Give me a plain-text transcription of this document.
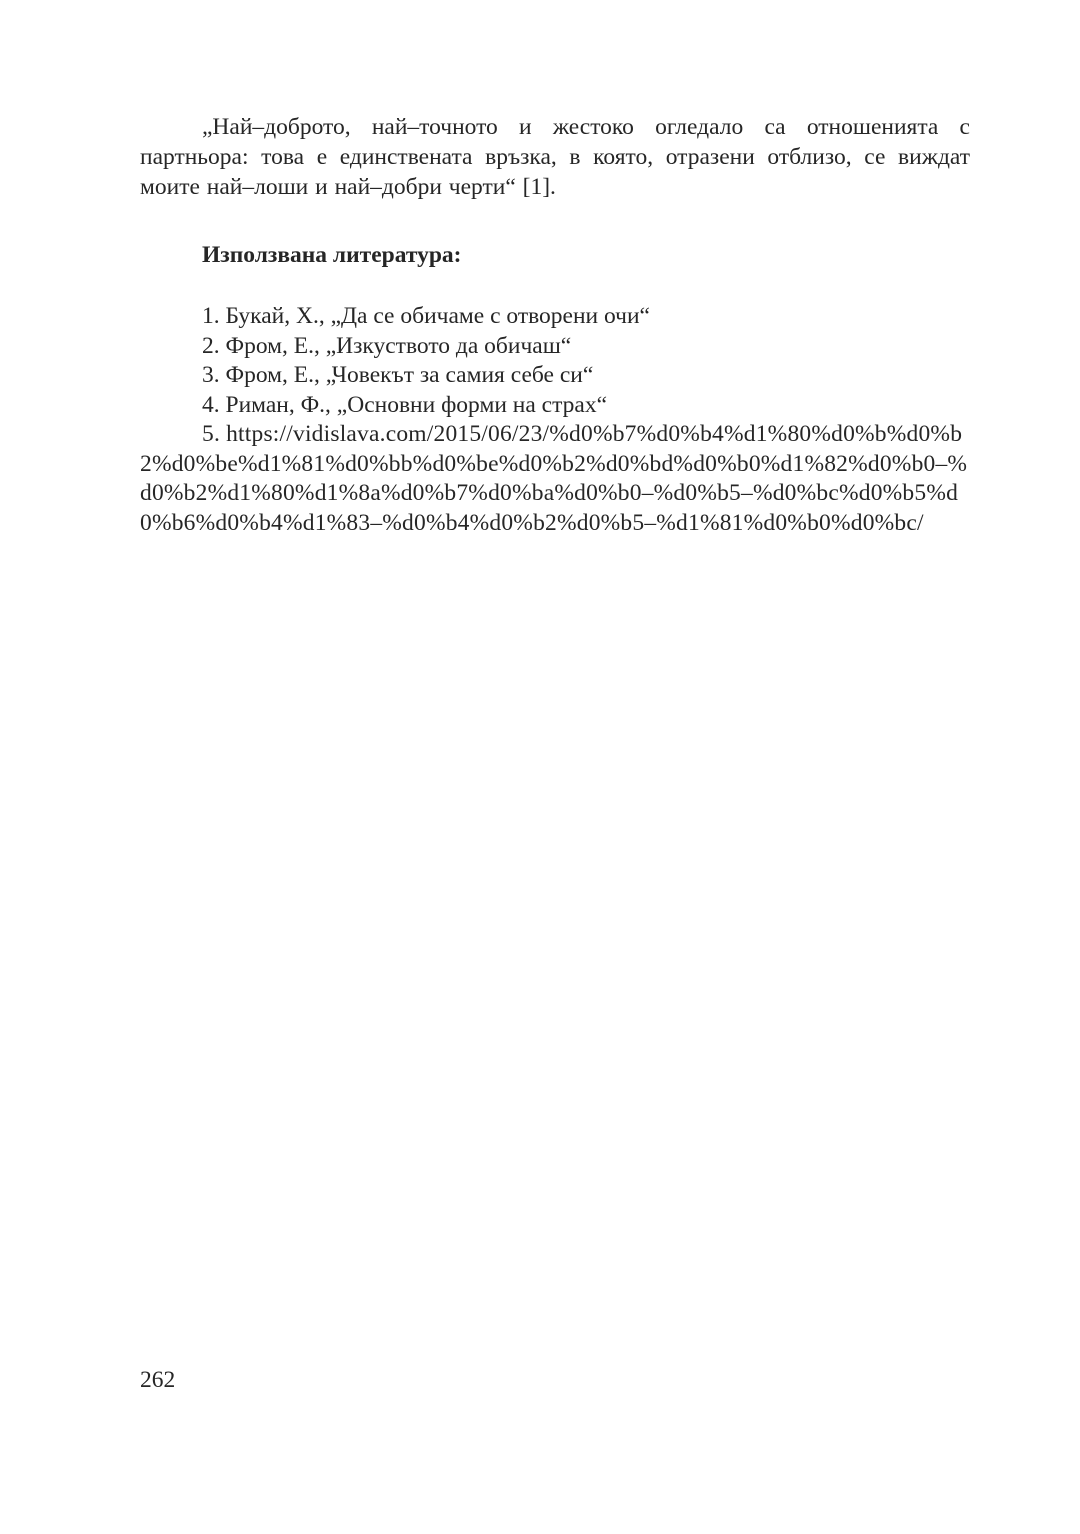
„Най–доброто, най–точното и жестоко огледало са отношенията с партньора: това е единствената връзка, в която, отразени отблизо, се виждат моите най–лоши и най–добри черти“ [1].

Използвана литература:
1. Букай, Х., „Да се обичаме с отворени очи“
2. Фром, Е., „Изкуството да обичаш“
3. Фром, Е., „Човекът за самия себе си“
4. Риман, Ф., „Основни форми на страх“
5. https://vidislava.com/2015/06/23/%d0%b7%d0%b4%d1%80%d0%b%d0%b2%d0%be%d1%81%d0%bb%d0%be%d0%b2%d0%bd%d0%b0%d1%82%d0%b0–%d0%b2%d1%80%d1%8a%d0%b7%d0%ba%d0%b0–%d0%b5–%d0%bc%d0%b5%d0%b6%d0%b4%d1%83–%d0%b4%d0%b2%d0%b5–%d1%81%d0%b0%d0%bc/
262
